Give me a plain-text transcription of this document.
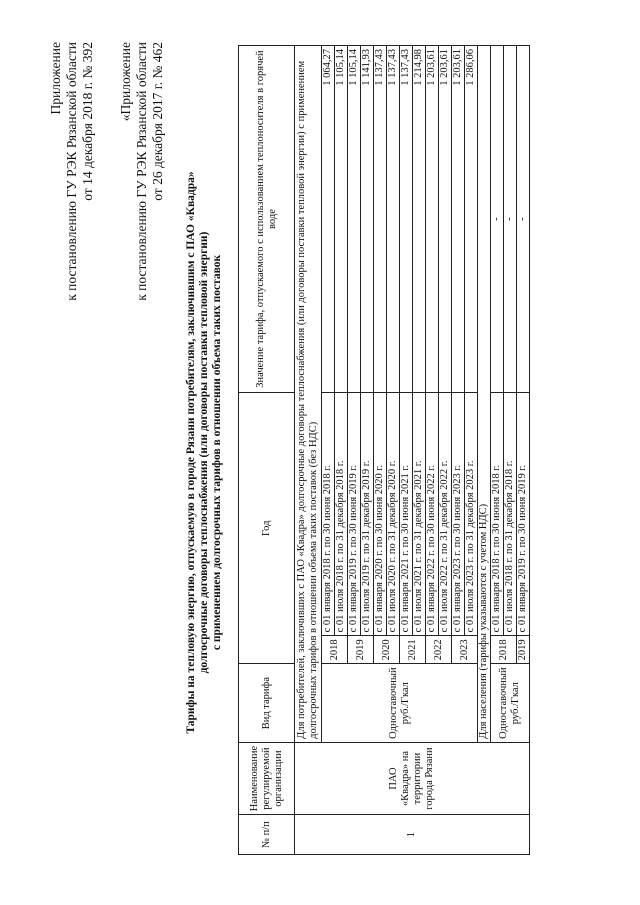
Приложение к постановлению ГУ РЭК Рязанской области от 14 декабря 2018 г. № 392 «Приложение к постановлению ГУ РЭК Рязанской области от 26 декабря 2017 г. № 462
Тарифы на тепловую энергию, отпускаемую в городе Рязани потребителям, заключившим с ПАО «Квадра» долгосрочные договоры теплоснабжения (или договоры поставки тепловой энергии) с применением долгосрочных тарифов в отношении объема таких поставок
№ п/п	Наименование регулируемой организации	Вид тарифа	Год		Значение тарифа, отпускаемого с использованием теплоносителя в горячей воде
1	ПАО «Квадра» на территории города Рязани	Для потребителей, заключивших с ПАО «Квадра» долгосрочные договоры теплоснабжения (или договоры поставки тепловой энергии) с применением долгосрочных тарифов в отношении объема таких поставок (без НДС)			
		Одноставочный руб./Гкал	2018	с 01 января 2018 г. по 30 июня 2018 г.	1 064,27
				с 01 июля 2018 г. по 31 декабря 2018 г.	1 105,14
			2019	с 01 января 2019 г. по 30 июня 2019 г.	1 105,14
				с 01 июля 2019 г. по 31 декабря 2019 г.	1 141,93
			2020	с 01 января 2020 г. по 30 июня 2020 г.	1 137,43
				с 01 июля 2020 г. по 31 декабря 2020 г.	1 137,43
			2021	с 01 января 2021 г. по 30 июня 2021 г.	1 137,43
				с 01 июля 2021 г. по 31 декабря 2021 г.	1 214,98
			2022	с 01 января 2022 г. по 30 июня 2022 г.	1 203,61
				с 01 июля 2022 г. по 31 декабря 2022 г.	1 203,61
			2023	с 01 января 2023 г. по 30 июня 2023 г.	1 203,61
				с 01 июля 2023 г. по 31 декабря 2023 г.	1 286,06
		Для населения (тарифы указываются с учетом НДС)			
		Одноставочный руб./Гкал	2018	с 01 января 2018 г. по 30 июня 2018 г.	-
				с 01 июля 2018 г. по 31 декабря 2018 г.	-
			2019	с 01 января 2019 г. по 30 июня 2019 г.	-
